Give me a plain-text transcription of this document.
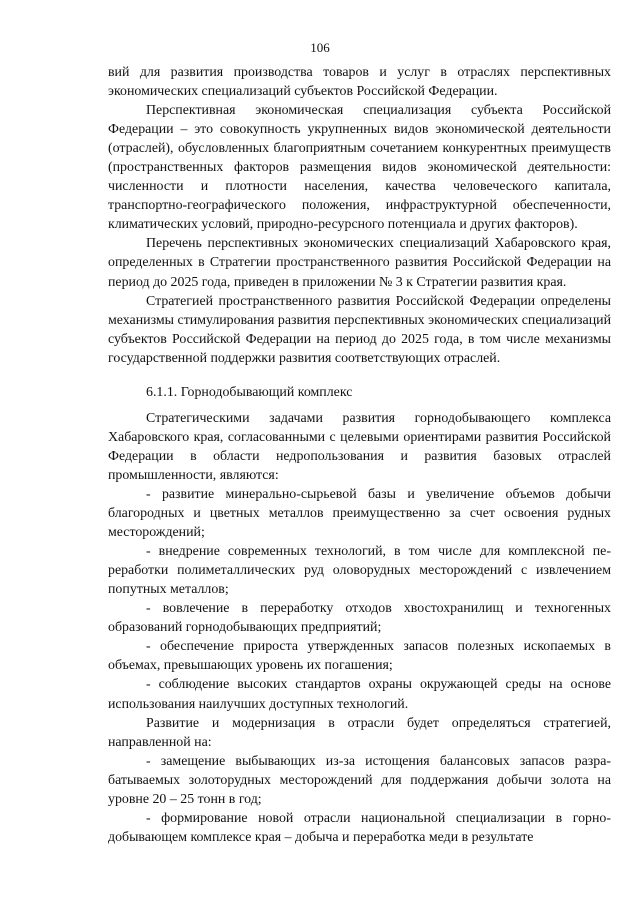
106

вий для развития производства товаров и услуг в отраслях перспективных экономических специализаций субъектов Российской Федерации.

Перспективная экономическая специализация субъекта Российской Федерации – это совокупность укрупненных видов экономической деятельности (отраслей), обусловленных благоприятным сочетанием конкурентных преимуществ (пространственных факторов размещения видов экономической деятельности: численности и плотности населения, качества человеческого капитала, транспортно-географического положения, инфраструктурной обеспеченности, климатических условий, природно-ресурсного потенциала и других факторов).

Перечень перспективных экономических специализаций Хабаровского края, определенных в Стратегии пространственного развития Российской Федерации на период до 2025 года, приведен в приложении № 3 к Стратегии развития края.

Стратегией пространственного развития Российской Федерации определены механизмы стимулирования развития перспективных экономических специализаций субъектов Российской Федерации на период до 2025 года, в том числе механизмы государственной поддержки развития соответствующих отраслей.

6.1.1. Горнодобывающий комплекс

Стратегическими задачами развития горнодобывающего комплекса Хабаровского края, согласованными с целевыми ориентирами развития Российской Федерации в области недропользования и развития базовых отраслей промышленности, являются:

- развитие минерально-сырьевой базы и увеличение объемов добычи благородных и цветных металлов преимущественно за счет освоения рудных месторождений;

- внедрение современных технологий, в том числе для комплексной переработки полиметаллических руд оловорудных месторождений с извлечением попутных металлов;

- вовлечение в переработку отходов хвостохранилищ и техногенных образований горнодобывающих предприятий;

- обеспечение прироста утвержденных запасов полезных ископаемых в объемах, превышающих уровень их погашения;

- соблюдение высоких стандартов охраны окружающей среды на основе использования наилучших доступных технологий.

Развитие и модернизация в отрасли будет определяться стратегией, направленной на:

- замещение выбывающих из-за истощения балансовых запасов разрабатываемых золоторудных месторождений для поддержания добычи золота на уровне 20 – 25 тонн в год;

- формирование новой отрасли национальной специализации в горнодобывающем комплексе края – добыча и переработка меди в результате
